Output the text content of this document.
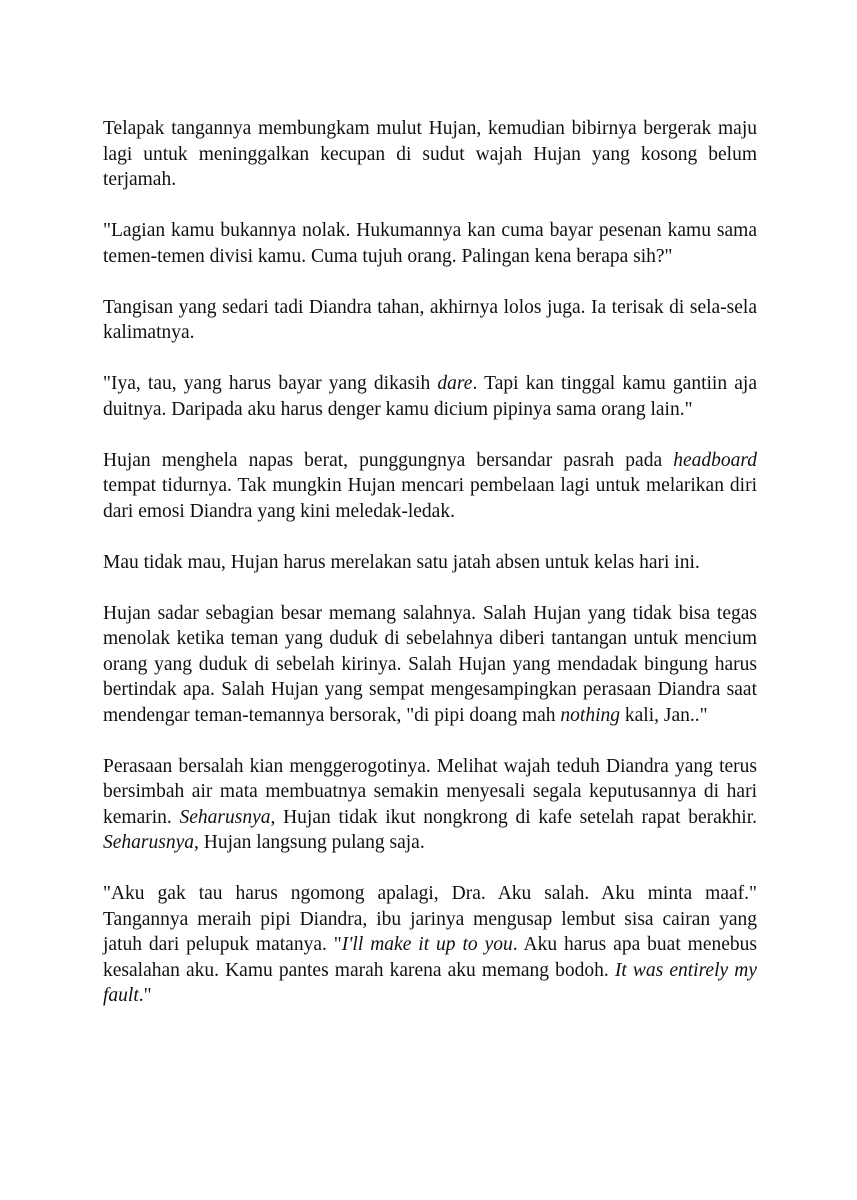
Telapak tangannya membungkam mulut Hujan, kemudian bibirnya bergerak maju lagi untuk meninggalkan kecupan di sudut wajah Hujan yang kosong belum terjamah.

"Lagian kamu bukannya nolak. Hukumannya kan cuma bayar pesenan kamu sama temen-temen divisi kamu. Cuma tujuh orang. Palingan kena berapa sih?"

Tangisan yang sedari tadi Diandra tahan, akhirnya lolos juga. Ia terisak di sela-sela kalimatnya.

"Iya, tau, yang harus bayar yang dikasih dare. Tapi kan tinggal kamu gantiin aja duitnya. Daripada aku harus denger kamu dicium pipinya sama orang lain."

Hujan menghela napas berat, punggungnya bersandar pasrah pada headboard tempat tidurnya. Tak mungkin Hujan mencari pembelaan lagi untuk melarikan diri dari emosi Diandra yang kini meledak-ledak.

Mau tidak mau, Hujan harus merelakan satu jatah absen untuk kelas hari ini.

Hujan sadar sebagian besar memang salahnya. Salah Hujan yang tidak bisa tegas menolak ketika teman yang duduk di sebelahnya diberi tantangan untuk mencium orang yang duduk di sebelah kirinya. Salah Hujan yang mendadak bingung harus bertindak apa. Salah Hujan yang sempat mengesampingkan perasaan Diandra saat mendengar teman-temannya bersorak, "di pipi doang mah nothing kali, Jan.."

Perasaan bersalah kian menggerogotinya. Melihat wajah teduh Diandra yang terus bersimbah air mata membuatnya semakin menyesali segala keputusannya di hari kemarin. Seharusnya, Hujan tidak ikut nongkrong di kafe setelah rapat berakhir. Seharusnya, Hujan langsung pulang saja.

"Aku gak tau harus ngomong apalagi, Dra. Aku salah. Aku minta maaf." Tangannya meraih pipi Diandra, ibu jarinya mengusap lembut sisa cairan yang jatuh dari pelupuk matanya. "I'll make it up to you. Aku harus apa buat menebus kesalahan aku. Kamu pantes marah karena aku memang bodoh. It was entirely my fault."
